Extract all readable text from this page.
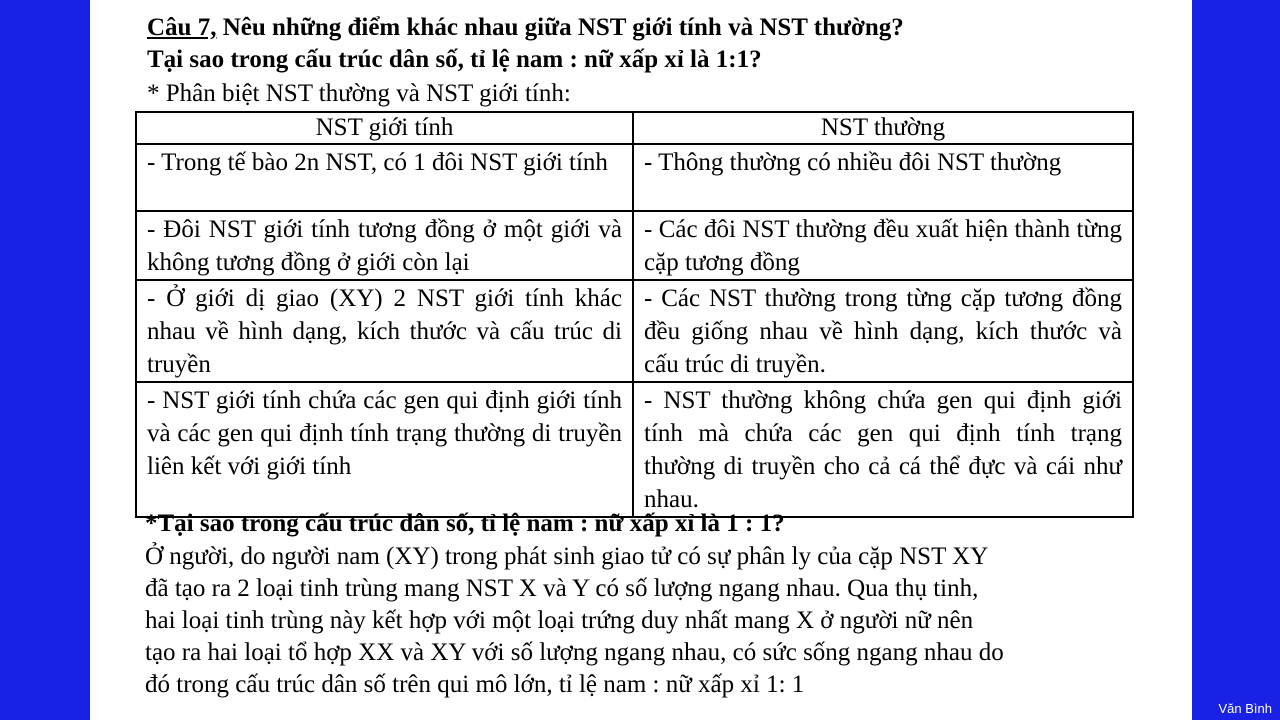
Câu 7, Nêu những điểm khác nhau giữa NST giới tính và NST thường?
Tại sao trong cấu trúc dân số, tỉ lệ nam : nữ xấp xỉ là 1:1?
* Phân biệt NST thường và NST giới tính:
NST giới tính	NST thường
- Trong tế bào 2n NST, có 1 đôi NST giới tính	- Thông thường có nhiều đôi NST thường
- Đôi NST giới tính tương đồng ở một giới và không tương đồng ở giới còn lại	- Các đôi NST thường đều xuất hiện thành từng cặp tương đồng
- Ở giới dị giao (XY) 2 NST giới tính khác nhau về hình dạng, kích thước và cấu trúc di truyền	- Các NST thường trong từng cặp tương đồng đều giống nhau về hình dạng, kích thước và cấu trúc di truyền.
- NST giới tính chứa các gen qui định giới tính và các gen qui định tính trạng thường di truyền liên kết với giới tính	- NST thường không chứa gen qui định giới tính mà chứa các gen qui định tính trạng thường di truyền cho cả cá thể đực và cái như nhau.
*Tại sao trong cấu trúc dân số, tỉ lệ nam : nữ xấp xỉ là 1 : 1?
Ở người, do người nam (XY) trong phát sinh giao tử có sự phân ly của cặp NST XY
đã tạo ra 2 loại tinh trùng mang NST X và Y có số lượng ngang nhau. Qua thụ tinh,
hai loại tinh trùng này kết hợp với một loại trứng duy nhất mang X ở người nữ nên
tạo ra hai loại tổ hợp XX và XY với số lượng ngang nhau, có sức sống ngang nhau do
đó trong cấu trúc dân số trên qui mô lớn, tỉ lệ nam : nữ xấp xỉ 1: 1
Văn Bình
